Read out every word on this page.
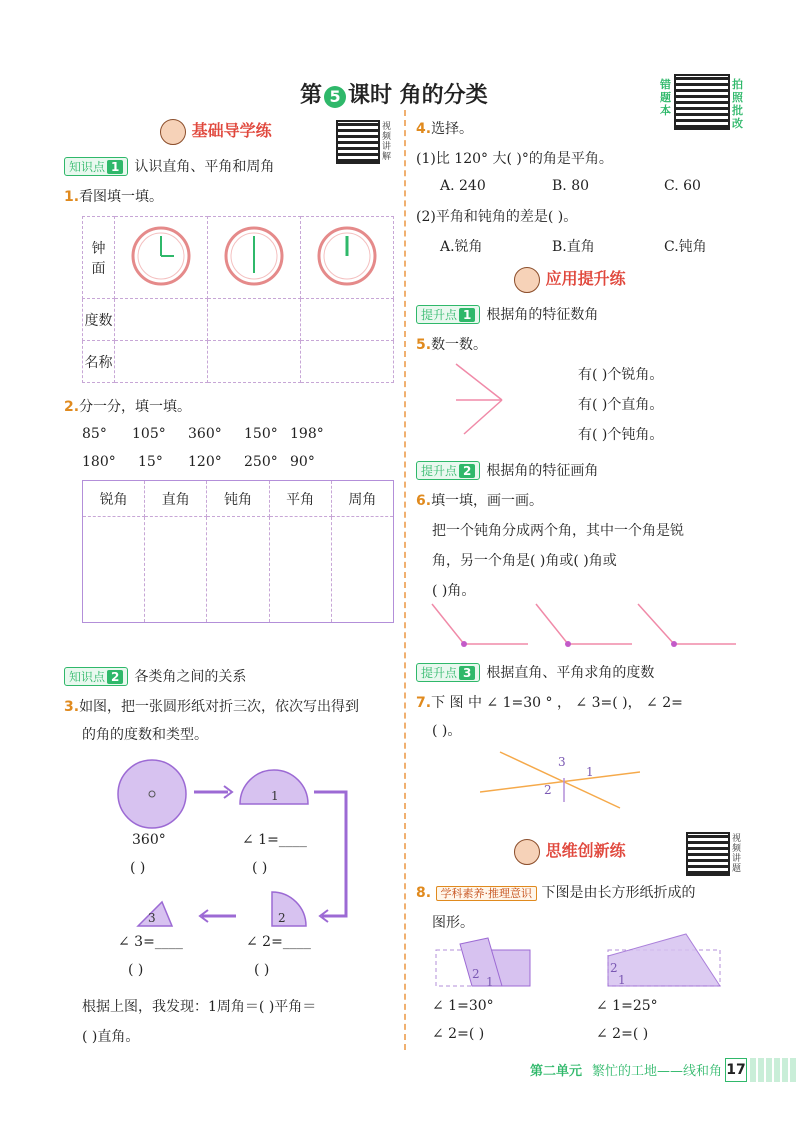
第 5 课时 角的分类	错题本
拍照批改
基础导学练	视频讲解
知识点 1 认识直角、平角和周角
1.看图填一填。
钟
面			
度数			
名称			
2.分一分，填一填。
85° 105° 360° 150° 198°
180° 15° 120° 250° 90°
锐角	直角	钝角	平角	周角

知识点 2 各类角之间的关系
3.如图，把一张圆形纸对折三次，依次写出得到
的角的度数和类型。
1
2
3
360°
( )
∠ 1=____
( )
∠ 3=____
( )
∠ 2=____
( )
根据上图，我发现：1周角＝( )平角＝
( )直角。
4.选择。
(1)比 120° 大( )°的角是平角。
A. 240	B. 80	C. 60
(2)平角和钝角的差是( )。
A.锐角	B.直角	C.钝角
应用提升练
提升点 1 根据角的特征数角
5.数一数。
有( )个锐角。
有( )个直角。
有( )个钝角。
提升点 2 根据角的特征画角
6.填一填，画一画。
把一个钝角分成两个角，其中一个角是锐
角，另一个角是( )角或( )角或
( )角。
提升点 3 根据直角、平角求角的度数
7.下 图 中 ∠ 1=30 ° ， ∠ 3=( )， ∠ 2=
( )。
3
1
2
思维创新练
视频讲题
8. 学科素养·推理意识 下图是由长方形纸折成的
图形。
2
1
2
1
∠ 1=30°
∠ 2=( )
∠ 1=25°
∠ 2=( )
第二单元 繁忙的工地——线和角 17
